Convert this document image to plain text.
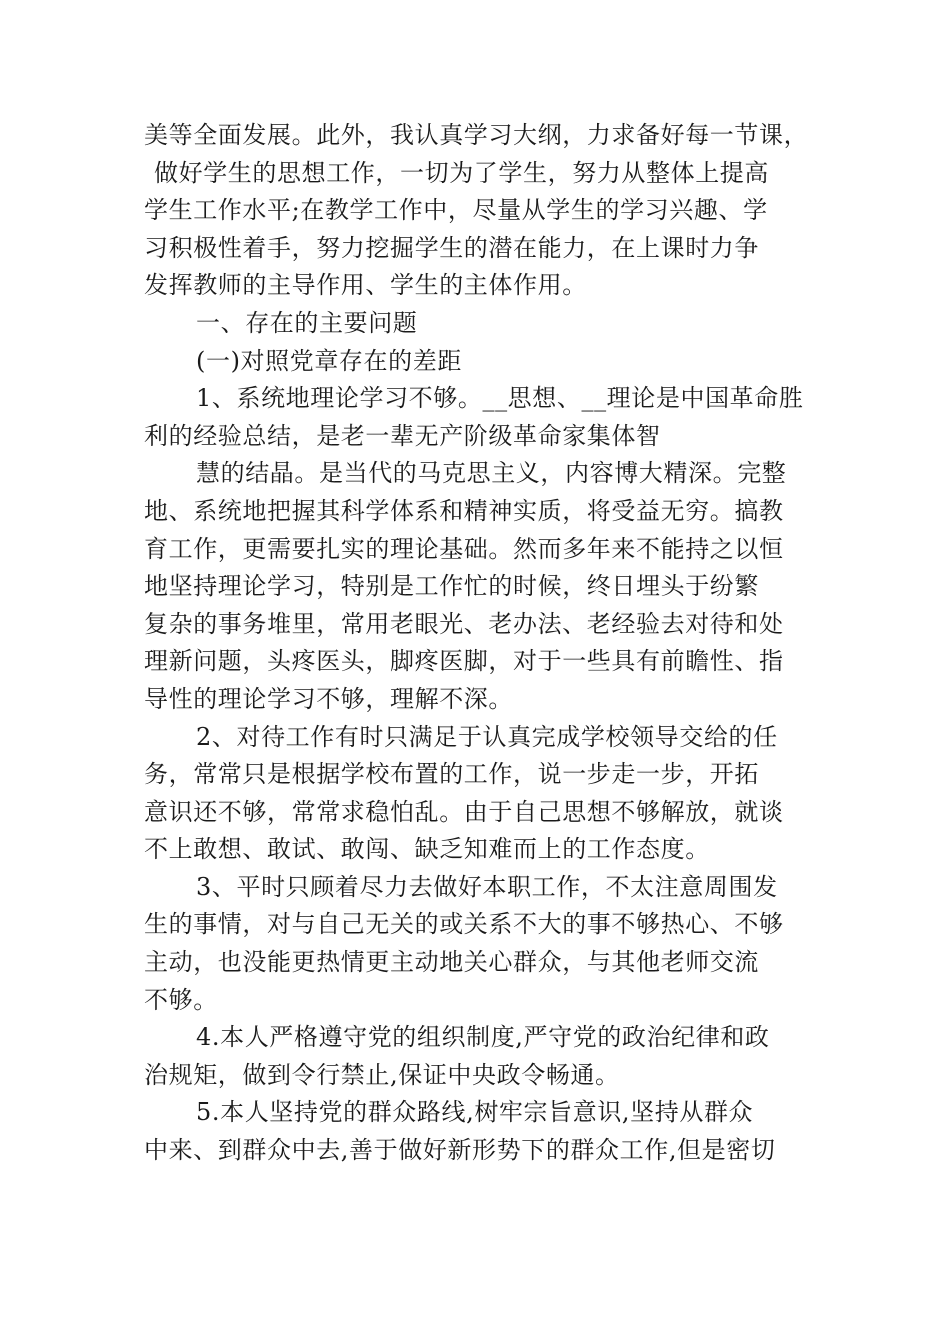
美等全面发展。此外，我认真学习大纲，力求备好每一节课，
做好学生的思想工作，一切为了学生，努力从整体上提高
学生工作水平;在教学工作中，尽量从学生的学习兴趣、学
习积极性着手，努力挖掘学生的潜在能力，在上课时力争
发挥教师的主导作用、学生的主体作用。
一、存在的主要问题
(一)对照党章存在的差距
1、系统地理论学习不够。__思想、__理论是中国革命胜
利的经验总结，是老一辈无产阶级革命家集体智
慧的结晶。是当代的马克思主义，内容博大精深。完整
地、系统地把握其科学体系和精神实质，将受益无穷。搞教
育工作，更需要扎实的理论基础。然而多年来不能持之以恒
地坚持理论学习，特别是工作忙的时候，终日埋头于纷繁
复杂的事务堆里，常用老眼光、老办法、老经验去对待和处
理新问题，头疼医头，脚疼医脚，对于一些具有前瞻性、指
导性的理论学习不够，理解不深。
2、对待工作有时只满足于认真完成学校领导交给的任
务，常常只是根据学校布置的工作，说一步走一步，开拓
意识还不够，常常求稳怕乱。由于自己思想不够解放，就谈
不上敢想、敢试、敢闯、缺乏知难而上的工作态度。
3、平时只顾着尽力去做好本职工作，不太注意周围发
生的事情，对与自己无关的或关系不大的事不够热心、不够
主动，也没能更热情更主动地关心群众，与其他老师交流
不够。
4.本人严格遵守党的组织制度,严守党的政治纪律和政
治规矩，做到令行禁止,保证中央政令畅通。
5.本人坚持党的群众路线,树牢宗旨意识,坚持从群众
中来、到群众中去,善于做好新形势下的群众工作,但是密切
